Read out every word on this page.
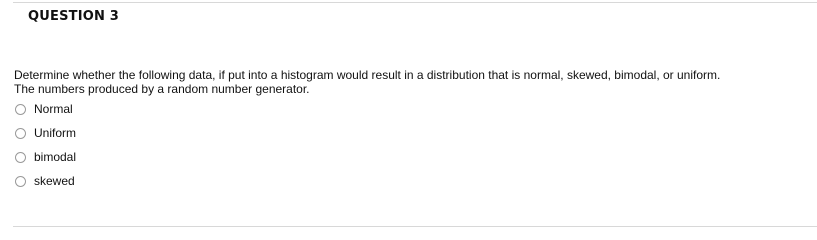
QUESTION 3
Determine whether the following data, if put into a histogram would result in a distribution that is normal, skewed, bimodal, or uniform.
The numbers produced by a random number generator.
Normal
Uniform
bimodal
skewed
